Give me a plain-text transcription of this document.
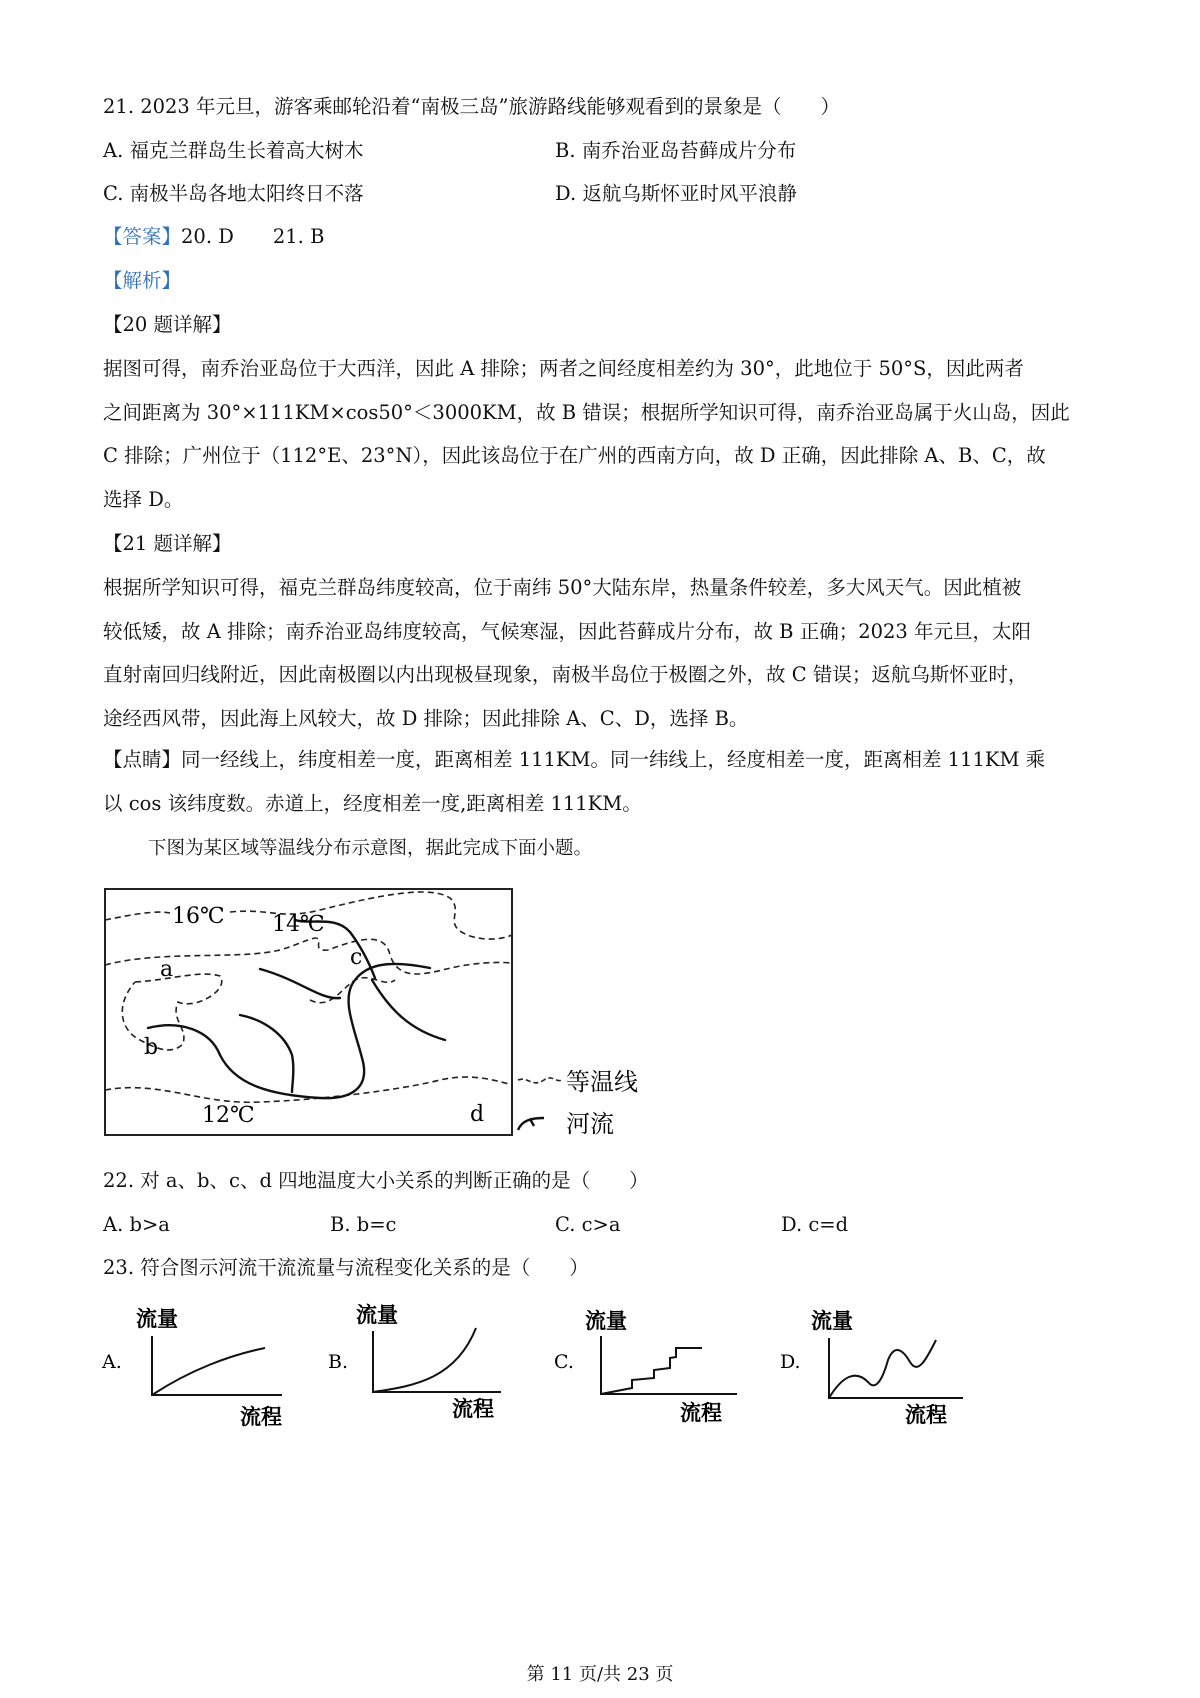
21. 2023 年元旦，游客乘邮轮沿着“南极三岛”旅游路线能够观看到的景象是（　　）
A. 福克兰群岛生长着高大树木	B. 南乔治亚岛苔藓成片分布
C. 南极半岛各地太阳终日不落	D. 返航乌斯怀亚时风平浪静
【答案】20. D　　21. B
【解析】
【20 题详解】
据图可得，南乔治亚岛位于大西洋，因此 A 排除；两者之间经度相差约为 30°，此地位于 50°S，因此两者
之间距离为 30°×111KM×cos50°＜3000KM，故 B 错误；根据所学知识可得，南乔治亚岛属于火山岛，因此
C 排除；广州位于（112°E、23°N），因此该岛位于在广州的西南方向，故 D 正确，因此排除 A、B、C，故
选择 D。
【21 题详解】
根据所学知识可得，福克兰群岛纬度较高，位于南纬 50°大陆东岸，热量条件较差，多大风天气。因此植被
较低矮，故 A 排除；南乔治亚岛纬度较高，气候寒湿，因此苔藓成片分布，故 B 正确；2023 年元旦，太阳
直射南回归线附近，因此南极圈以内出现极昼现象，南极半岛位于极圈之外，故 C 错误；返航乌斯怀亚时，
途经西风带，因此海上风较大，故 D 排除；因此排除 A、C、D，选择 B。
【点睛】同一经线上，纬度相差一度，距离相差 111KM。同一纬线上，经度相差一度，距离相差 111KM 乘
以 cos 该纬度数。赤道上，经度相差一度,距离相差 111KM。
下图为某区域等温线分布示意图，据此完成下面小题。
16℃ 14℃
12℃
a
b
c
d
等温线
河流
22. 对 a、b、c、d 四地温度大小关系的判断正确的是（　　）
A. b>a	B. b=c	C. c>a	D. c=d
23. 符合图示河流干流流量与流程变化关系的是（　　）
A.
流量
流程
B.
流量
流程
C.
流量
流程
D.
流量
流程
第 11 页/共 23 页
